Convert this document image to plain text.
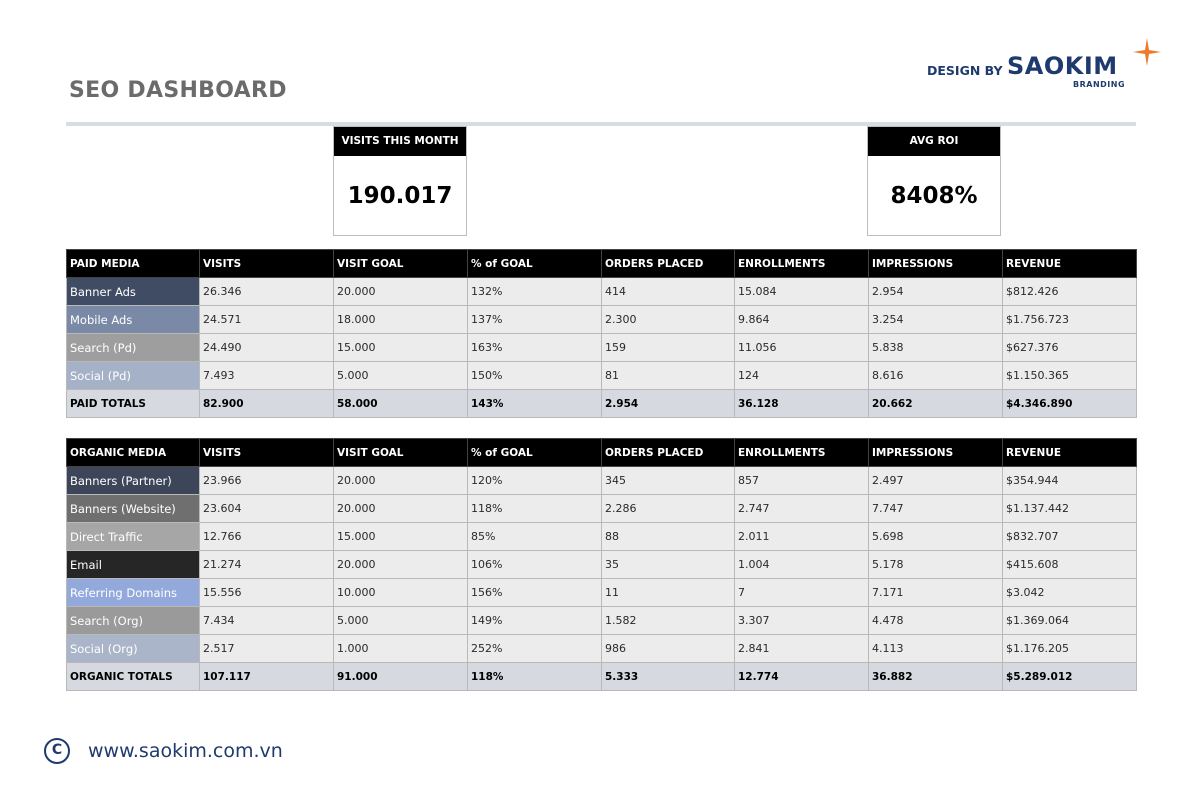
SEO DASHBOARD
DESIGN BY SAOKIM
BRANDING
VISITS THIS MONTH
190.017
AVG ROI
8408%
PAID MEDIA	VISITS	VISIT GOAL	% of GOAL	ORDERS PLACED	ENROLLMENTS	IMPRESSIONS	REVENUE
Banner Ads	26.346	20.000	132%	414	15.084	2.954	$812.426
Mobile Ads	24.571	18.000	137%	2.300	9.864	3.254	$1.756.723
Search (Pd)	24.490	15.000	163%	159	11.056	5.838	$627.376
Social (Pd)	7.493	5.000	150%	81	124	8.616	$1.150.365
PAID TOTALS	82.900	58.000	143%	2.954	36.128	20.662	$4.346.890
ORGANIC MEDIA	VISITS	VISIT GOAL	% of GOAL	ORDERS PLACED	ENROLLMENTS	IMPRESSIONS	REVENUE
Banners (Partner)	23.966	20.000	120%	345	857	2.497	$354.944
Banners (Website)	23.604	20.000	118%	2.286	2.747	7.747	$1.137.442
Direct Traffic	12.766	15.000	85%	88	2.011	5.698	$832.707
Email	21.274	20.000	106%	35	1.004	5.178	$415.608
Referring Domains	15.556	10.000	156%	11	7	7.171	$3.042
Search (Org)	7.434	5.000	149%	1.582	3.307	4.478	$1.369.064
Social (Org)	2.517	1.000	252%	986	2.841	4.113	$1.176.205
ORGANIC TOTALS	107.117	91.000	118%	5.333	12.774	36.882	$5.289.012
C	www.saokim.com.vn
